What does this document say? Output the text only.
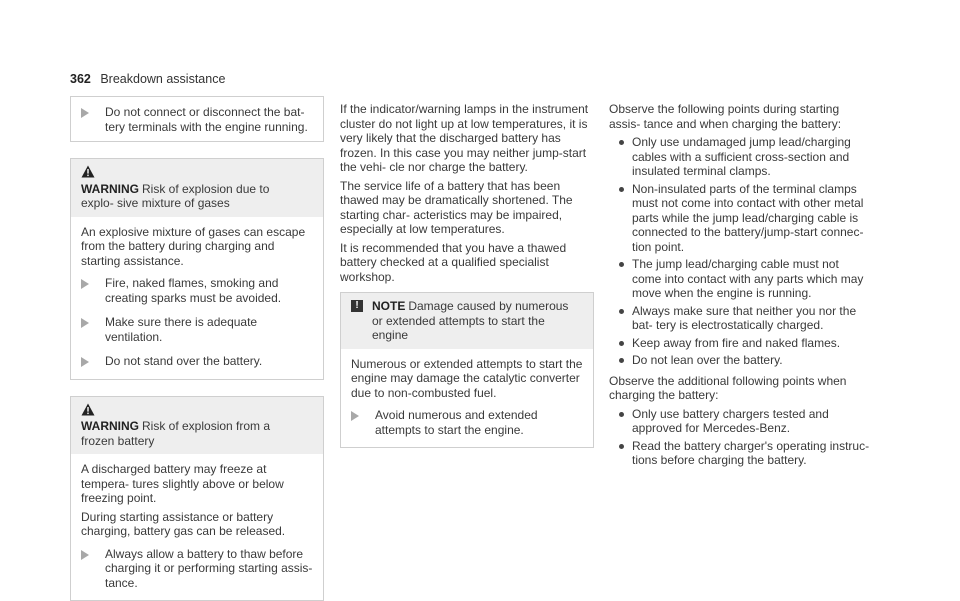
362 Breakdown assistance
Do not connect or disconnect the bat‐ tery terminals with the engine running.
WARNING Risk of explosion due to explo‐ sive mixture of gases

An explosive mixture of gases can escape from the battery during charging and starting assistance.

Fire, naked flames, smoking and creating sparks must be avoided.
Make sure there is adequate ventilation.
Do not stand over the battery.
WARNING Risk of explosion from a frozen battery

A discharged battery may freeze at tempera‐ tures slightly above or below freezing point.

During starting assistance or battery charging, battery gas can be released.

Always allow a battery to thaw before charging it or performing starting assis‐ tance.

If the indicator/warning lamps in the instrument cluster do not light up at low temperatures, it is very likely that the discharged battery has frozen. In this case you may neither jump-start the vehi‐ cle nor charge the battery.

The service life of a battery that has been thawed may be dramatically shortened. The starting char‐ acteristics may be impaired, especially at low temperatures.

It is recommended that you have a thawed battery checked at a qualified specialist workshop.

! NOTE Damage caused by numerous or extended attempts to start the engine

Numerous or extended attempts to start the engine may damage the catalytic converter due to non-combusted fuel.

Avoid numerous and extended attempts to start the engine.

Observe the following points during starting assis‐ tance and when charging the battery:

Only use undamaged jump lead/charging cables with a sufficient cross-section and insulated terminal clamps.
Non-insulated parts of the terminal clamps must not come into contact with other metal parts while the jump lead/charging cable is connected to the battery/jump-start connec‐ tion point.
The jump lead/charging cable must not come into contact with any parts which may move when the engine is running.
Always make sure that neither you nor the bat‐ tery is electrostatically charged.
Keep away from fire and naked flames.
Do not lean over the battery.

Observe the additional following points when charging the battery:

Only use battery chargers tested and approved for Mercedes-Benz.
Read the battery charger's operating instruc‐ tions before charging the battery.
